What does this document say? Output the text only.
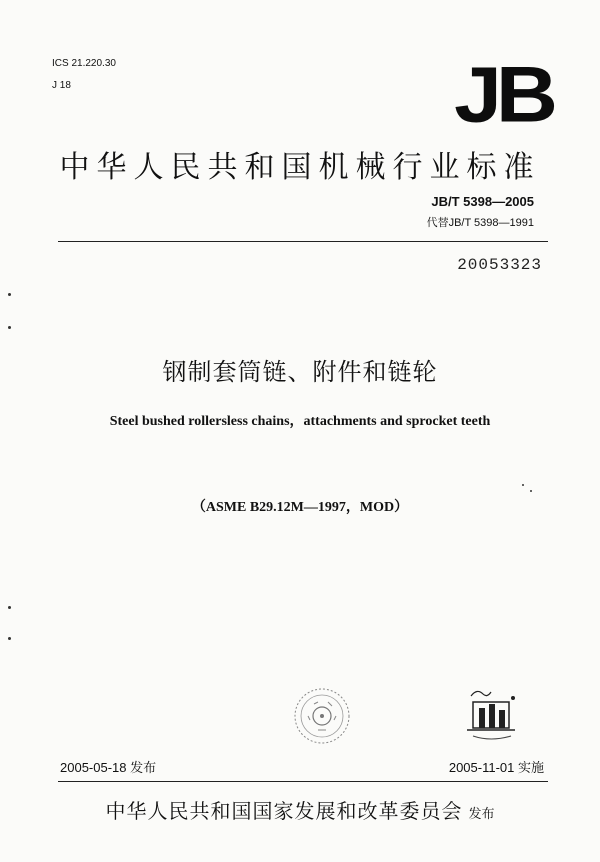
ICS 21.220.30
J 18	JB
中华人民共和国机械行业标准
JB/T 5398—2005
代替JB/T 5398—1991
20053323
钢制套筒链、附件和链轮
Steel bushed rollersless chains，attachments and sprocket teeth
（ASME B29.12M—1997，MOD）
2005-05-18 发布	2005-11-01 实施
中华人民共和国国家发展和改革委员会 发布
